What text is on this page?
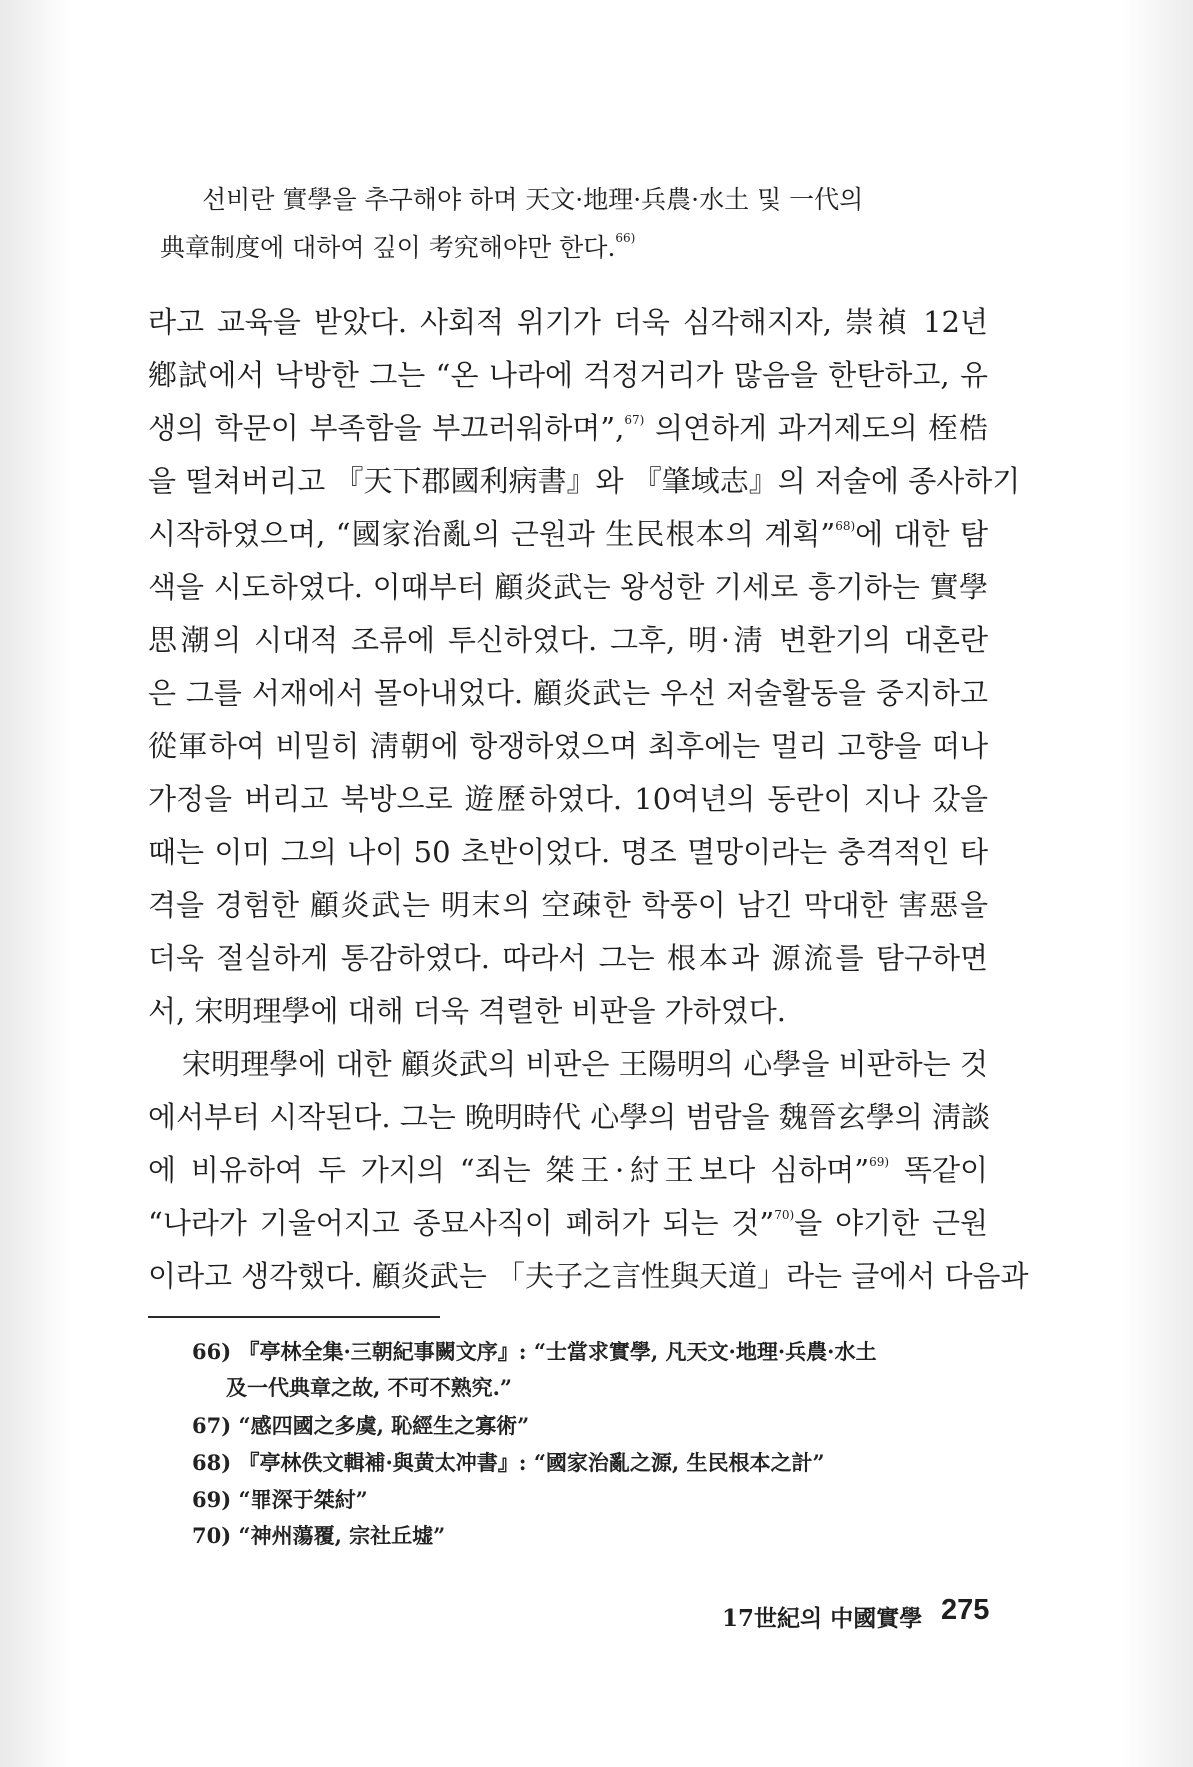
선비란 實學을 추구해야 하며 天文·地理·兵農·水土 및 一代의
典章制度에 대하여 깊이 考究해야만 한다.$^{66)}$
라고 교육을 받았다. 사회적 위기가 더욱 심각해지자, 崇禎 12년
鄕試에서 낙방한 그는 “온 나라에 걱정거리가 많음을 한탄하고, 유
생의 학문이 부족함을 부끄러워하며”,$^{67)}$ 의연하게 과거제도의 桎梏
을 떨쳐버리고 『天下郡國利病書』와 『肇域志』의 저술에 종사하기
시작하였으며, “國家治亂의 근원과 生民根本의 계획”$^{68)}$에 대한 탐
색을 시도하였다. 이때부터 顧炎武는 왕성한 기세로 흥기하는 實學
思潮의 시대적 조류에 투신하였다. 그후, 明·淸 변환기의 대혼란
은 그를 서재에서 몰아내었다. 顧炎武는 우선 저술활동을 중지하고
從軍하여 비밀히 淸朝에 항쟁하였으며 최후에는 멀리 고향을 떠나
가정을 버리고 북방으로 遊歷하였다. 10여년의 동란이 지나 갔을
때는 이미 그의 나이 50 초반이었다. 명조 멸망이라는 충격적인 타
격을 경험한 顧炎武는 明末의 空疎한 학풍이 남긴 막대한 害惡을
더욱 절실하게 통감하였다. 따라서 그는 根本과 源流를 탐구하면
서, 宋明理學에 대해 더욱 격렬한 비판을 가하였다.
宋明理學에 대한 顧炎武의 비판은 王陽明의 心學을 비판하는 것
에서부터 시작된다. 그는 晩明時代 心學의 범람을 魏晉玄學의 淸談
에 비유하여 두 가지의 “죄는 桀王·紂王보다 심하며”$^{69)}$ 똑같이
“나라가 기울어지고 종묘사직이 폐허가 되는 것”$^{70)}$을 야기한 근원
이라고 생각했다. 顧炎武는 「夫子之言性與天道」라는 글에서 다음과
66) 『亭林全集·三朝紀事闕文序』: “士當求實學, 凡天文·地理·兵農·水土
及一代典章之故, 不可不熟究.”
67) “感四國之多虞, 恥經生之寡術”
68) 『亭林佚文輯補·與黄太冲書』: “國家治亂之源, 生民根本之計”
69) “罪深于桀紂”
70) “神州蕩覆, 宗社丘墟”
17世紀의 中國實學 275
